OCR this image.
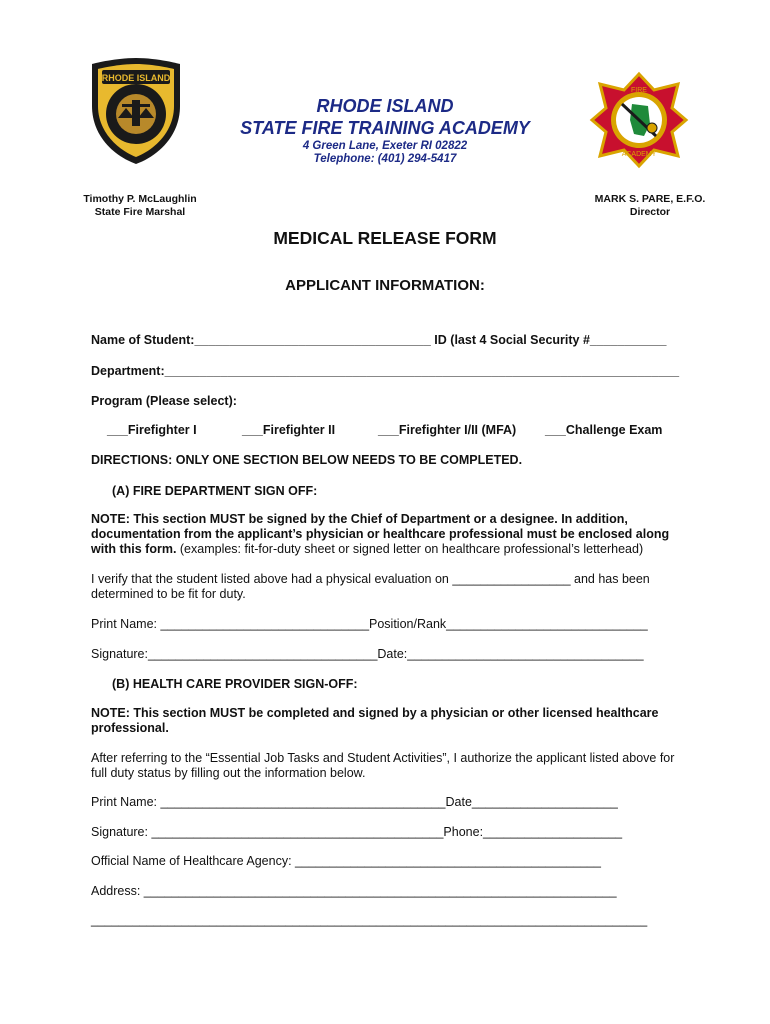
RHODE ISLAND
FIRE
ACADEMY
RHODE ISLAND
STATE FIRE TRAINING ACADEMY
4 Green Lane, Exeter RI 02822
Telephone: (401) 294-5417
Timothy P. McLaughlin
State Fire Marshal
MARK S. PARE, E.F.O.
Director
MEDICAL RELEASE FORM
APPLICANT INFORMATION:
Name of Student:__________________________________ ID (last 4 Social Security #___________
Department:__________________________________________________________________________
Program (Please select):
___Firefighter I	___Firefighter II	___Firefighter I/II (MFA) ___Challenge Exam
DIRECTIONS: ONLY ONE SECTION BELOW NEEDS TO BE COMPLETED.
(A) FIRE DEPARTMENT SIGN OFF:
NOTE: This section MUST be signed by the Chief of Department or a designee. In addition, documentation from the applicant’s physician or healthcare professional must be enclosed along with this form. (examples: fit-for-duty sheet or signed letter on healthcare professional’s letterhead)
I verify that the student listed above had a physical evaluation on _________________ and has been determined to be fit for duty.
Print Name: ______________________________Position/Rank_____________________________
Signature:_________________________________Date:__________________________________
(B) HEALTH CARE PROVIDER SIGN-OFF:
NOTE: This section MUST be completed and signed by a physician or other licensed healthcare professional.
After referring to the “Essential Job Tasks and Student Activities”, I authorize the applicant listed above for full duty status by filling out the information below.
Print Name: _________________________________________Date_____________________
Signature: __________________________________________Phone:____________________
Official Name of Healthcare Agency: ____________________________________________
Address: ____________________________________________________________________
________________________________________________________________________________
